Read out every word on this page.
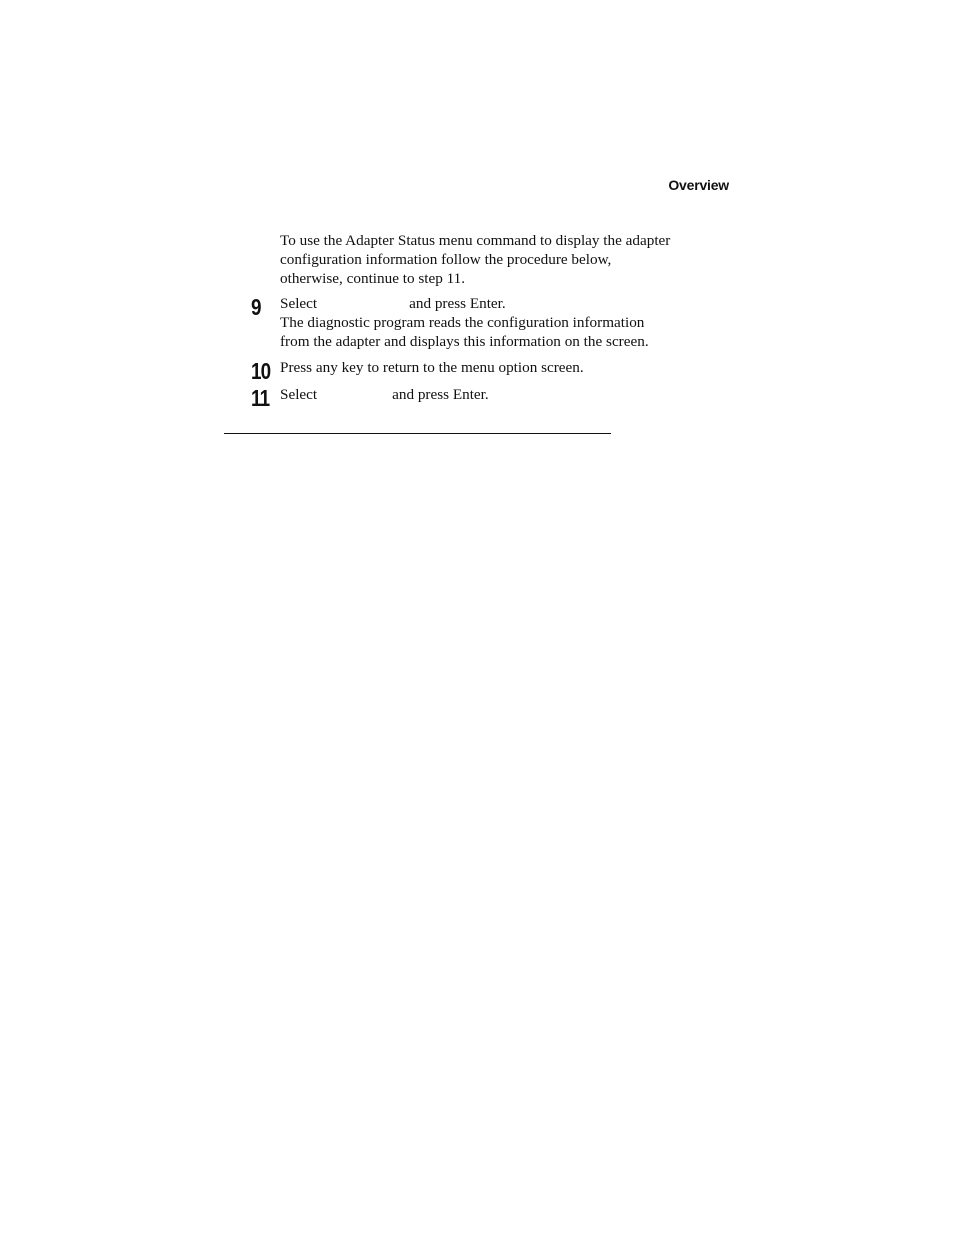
Overview

To use the Adapter Status menu command to display the adapter configuration information follow the procedure below, otherwise, continue to step 11.

9 Select	and press Enter.

The diagnostic program reads the configuration information from the adapter and displays this information on the screen.

10 Press any key to return to the menu option screen.

11 Select	and press Enter.
